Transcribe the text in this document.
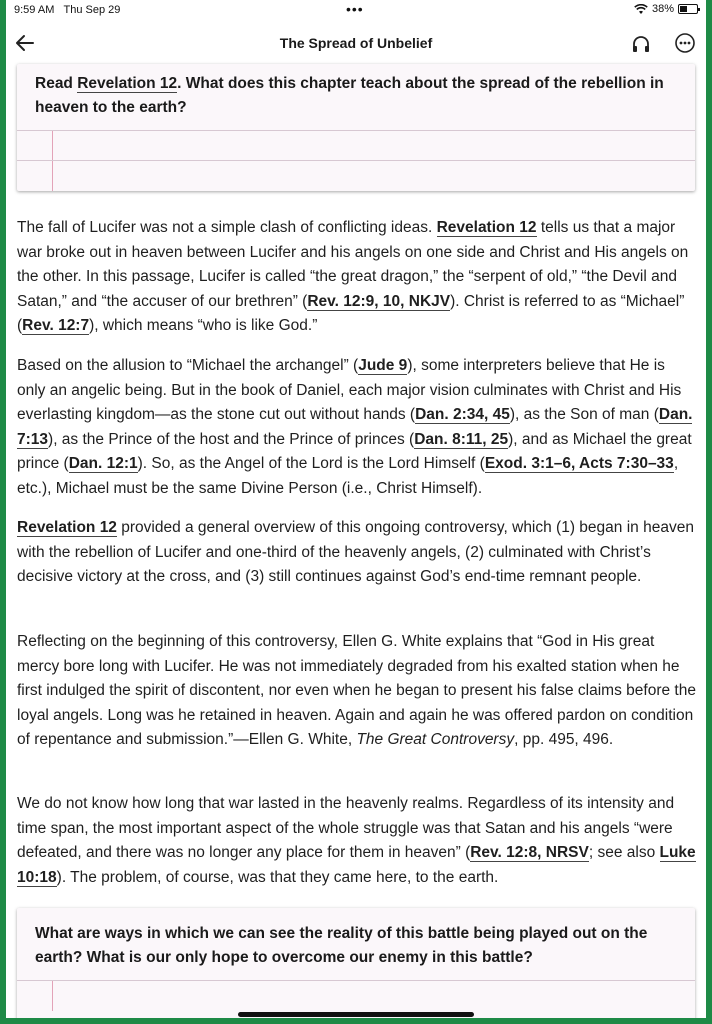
9:59 AM Thu Sep 29	•••	38%
The Spread of Unbelief
Read Revelation 12. What does this chapter teach about the spread of the rebellion in heaven to the earth?
The fall of Lucifer was not a simple clash of conflicting ideas. Revelation 12 tells us that a major war broke out in heaven between Lucifer and his angels on one side and Christ and His angels on the other. In this passage, Lucifer is called “the great dragon,” the “serpent of old,” “the Devil and Satan,” and “the accuser of our brethren” (Rev. 12:9, 10, NKJV). Christ is referred to as “Michael” (Rev. 12:7), which means “who is like God.”
Based on the allusion to “Michael the archangel” (Jude 9), some interpreters believe that He is only an angelic being. But in the book of Daniel, each major vision culminates with Christ and His everlasting kingdom—as the stone cut out without hands (Dan. 2:34, 45), as the Son of man (Dan. 7:13), as the Prince of the host and the Prince of princes (Dan. 8:11, 25), and as Michael the great prince (Dan. 12:1). So, as the Angel of the Lord is the Lord Himself (Exod. 3:1–6, Acts 7:30–33, etc.), Michael must be the same Divine Person (i.e., Christ Himself).
Revelation 12 provided a general overview of this ongoing controversy, which (1) began in heaven with the rebellion of Lucifer and one-third of the heavenly angels, (2) culminated with Christ’s decisive victory at the cross, and (3) still continues against God’s end-time remnant people.
Reflecting on the beginning of this controversy, Ellen G. White explains that “God in His great mercy bore long with Lucifer. He was not immediately degraded from his exalted station when he first indulged the spirit of discontent, nor even when he began to present his false claims before the loyal angels. Long was he retained in heaven. Again and again he was offered pardon on condition of repentance and submission.”—Ellen G. White, The Great Controversy, pp. 495, 496.
We do not know how long that war lasted in the heavenly realms. Regardless of its intensity and time span, the most important aspect of the whole struggle was that Satan and his angels “were defeated, and there was no longer any place for them in heaven” (Rev. 12:8, NRSV; see also Luke 10:18). The problem, of course, was that they came here, to the earth.
What are ways in which we can see the reality of this battle being played out on the earth? What is our only hope to overcome our enemy in this battle?
